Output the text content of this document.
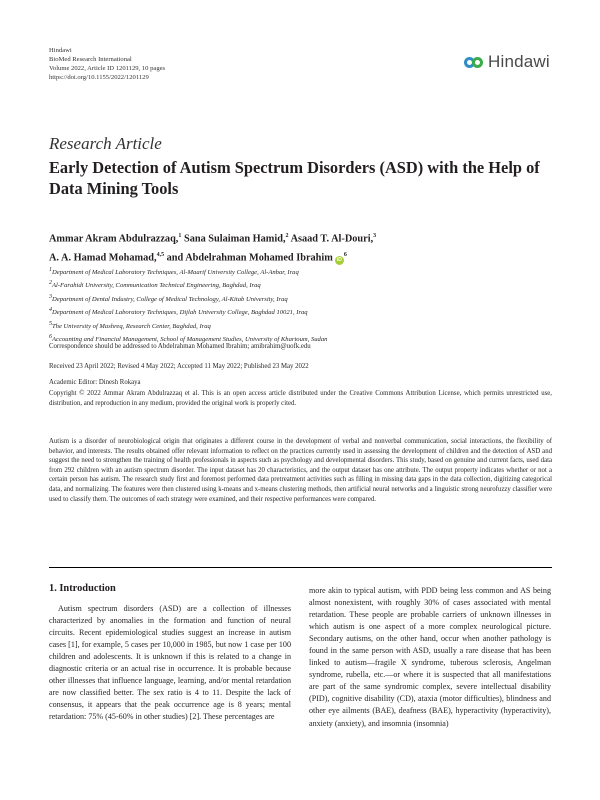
Hindawi
BioMed Research International
Volume 2022, Article ID 1201129, 10 pages
https://doi.org/10.1155/2022/1201129
Hindawi
Research Article
Early Detection of Autism Spectrum Disorders (ASD) with the Help of Data Mining Tools
Ammar Akram Abdulrazzaq,$^1$ Sana Sulaiman Hamid,$^2$ Asaad T. Al-Douri,$^3$
A. A. Hamad Mohamad,$^{4,5}$ and Abdelrahman Mohamed Ibrahim $iD^6$
$^1$Department of Medical Laboratory Techniques, Al-Maarif University College, Al-Anbar, Iraq
$^2$Al-Farahidi University, Communication Technical Engineering, Baghdad, Iraq
$^3$Department of Dental Industry, College of Medical Technology, Al-Kitab University, Iraq
$^4$Department of Medical Laboratory Techniques, Dijlah University College, Baghdad 10021, Iraq
$^5$The University of Mashreq, Research Center, Baghdad, Iraq
$^6$Accounting and Financial Management, School of Management Studies, University of Khartoum, Sudan
Correspondence should be addressed to Abdelrahman Mohamed Ibrahim; amibrahim@uofk.edu
Received 23 April 2022; Revised 4 May 2022; Accepted 11 May 2022; Published 23 May 2022
Academic Editor: Dinesh Rokaya
Copyright © 2022 Ammar Akram Abdulrazzaq et al. This is an open access article distributed under the Creative Commons Attribution License, which permits unrestricted use, distribution, and reproduction in any medium, provided the original work is properly cited.
Autism is a disorder of neurobiological origin that originates a different course in the development of verbal and nonverbal communication, social interactions, the flexibility of behavior, and interests. The results obtained offer relevant information to reflect on the practices currently used in assessing the development of children and the detection of ASD and suggest the need to strengthen the training of health professionals in aspects such as psychology and developmental disorders. This study, based on genuine and current facts, used data from 292 children with an autism spectrum disorder. The input dataset has 20 characteristics, and the output dataset has one attribute. The output property indicates whether or not a certain person has autism. The research study first and foremost performed data pretreatment activities such as filling in missing data gaps in the data collection, digitizing categorical data, and normalizing. The features were then clustered using k-means and x-means clustering methods, then artificial neural networks and a linguistic strong neurofuzzy classifier were used to classify them. The outcomes of each strategy were examined, and their respective performances were compared.
1. Introduction
Autism spectrum disorders (ASD) are a collection of illnesses characterized by anomalies in the formation and function of neural circuits. Recent epidemiological studies suggest an increase in autism cases [1], for example, 5 cases per 10,000 in 1985, but now 1 case per 100 children and adolescents. It is unknown if this is related to a change in diagnostic criteria or an actual rise in occurrence. It is probable because other illnesses that influence language, learning, and/or mental retardation are now classified better. The sex ratio is 4 to 11. Despite the lack of consensus, it appears that the peak occurrence age is 8 years; mental retardation: 75% (45-60% in other studies) [2]. These percentages are
more akin to typical autism, with PDD being less common and AS being almost nonexistent, with roughly 30% of cases associated with mental retardation. These people are probable carriers of unknown illnesses in which autism is one aspect of a more complex neurological picture. Secondary autisms, on the other hand, occur when another pathology is found in the same person with ASD, usually a rare disease that has been linked to autism—fragile X syndrome, tuberous sclerosis, Angelman syndrome, rubella, etc.—or where it is suspected that all manifestations are part of the same syndromic complex, severe intellectual disability (PID), cognitive disability (CD), ataxia (motor difficulties), blindness and other eye ailments (BAE), deafness (BAE), hyperactivity (hyperactivity), anxiety (anxiety), and insomnia (insomnia)
